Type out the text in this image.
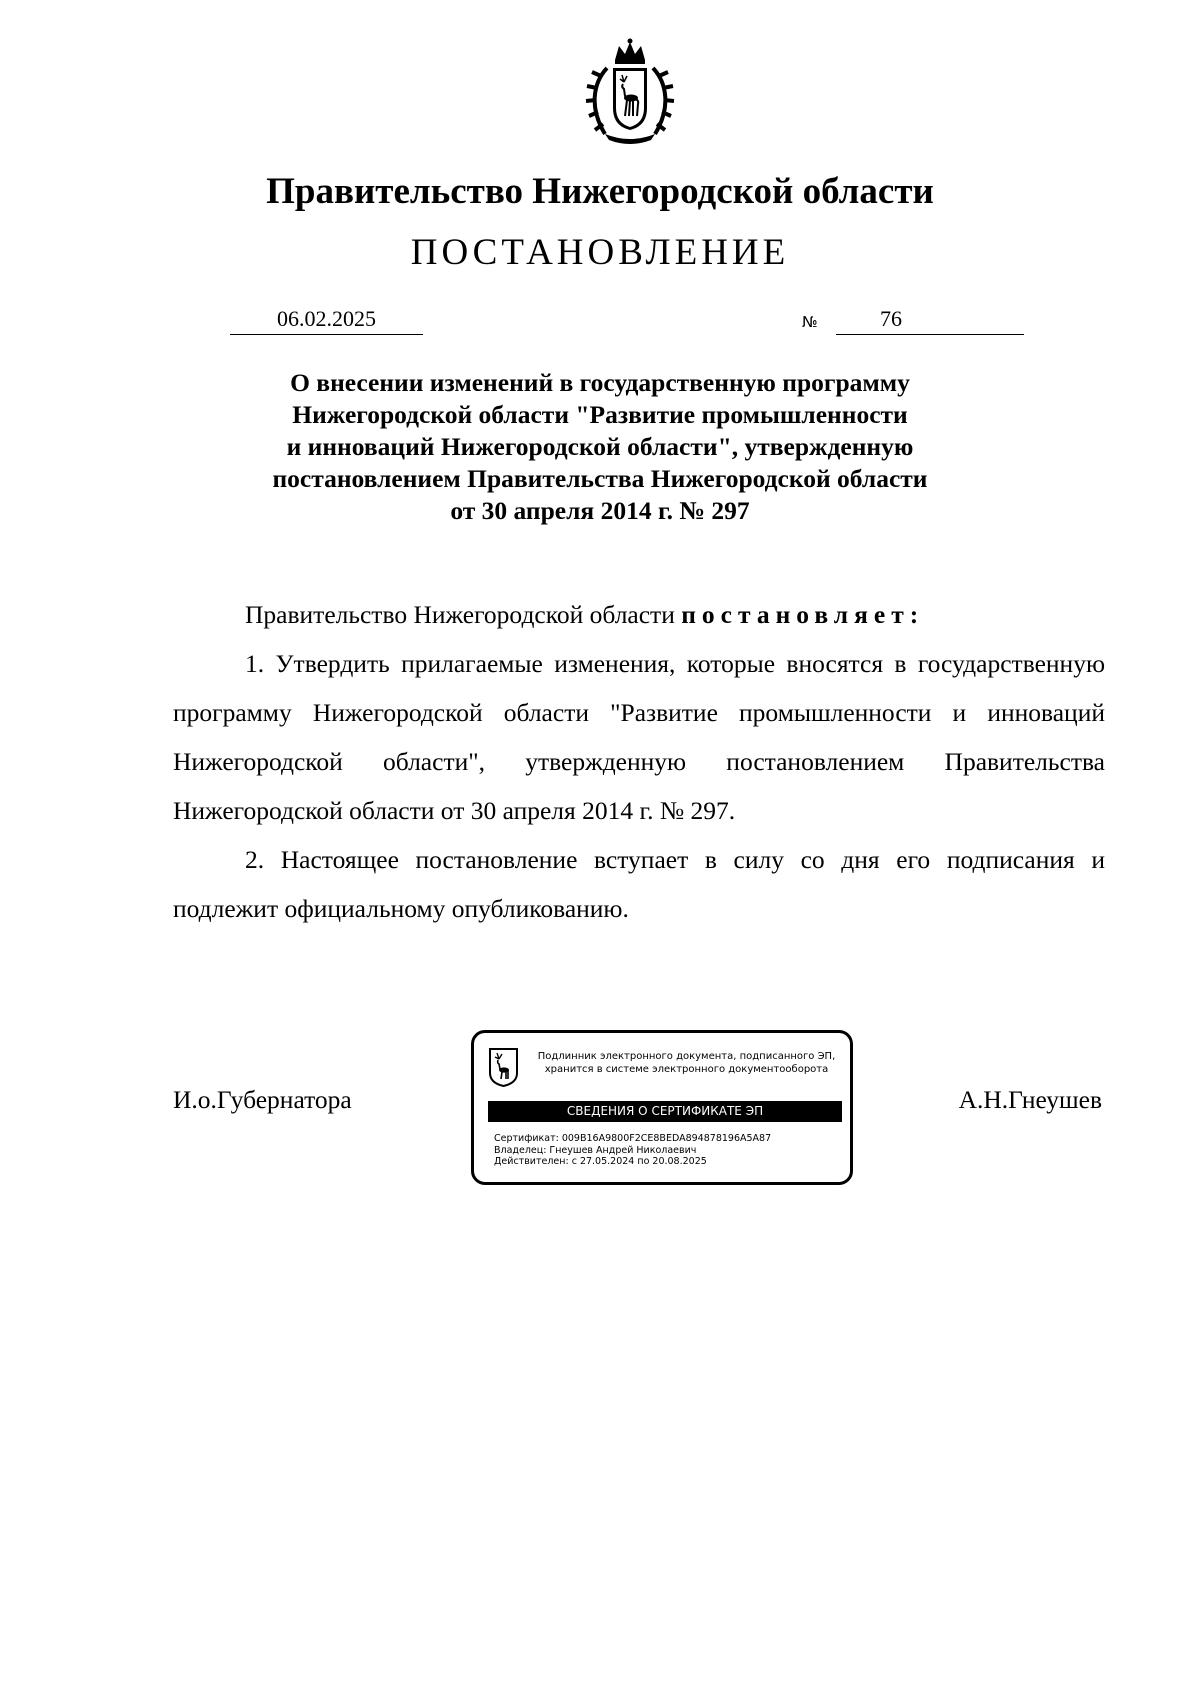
Правительство Нижегородской области
ПОСТАНОВЛЕНИЕ
06.02.2025	№	76
О внесении изменений в государственную программу
Нижегородской области "Развитие промышленности
и инноваций Нижегородской области", утвержденную
постановлением Правительства Нижегородской области
от 30 апреля 2014 г. № 297

Правительство Нижегородской области постановляет:

1. Утвердить прилагаемые изменения, которые вносятся в государственную программу Нижегородской области "Развитие промышленности и инноваций Нижегородской области", утвержденную постановлением Правительства Нижегородской области от 30 апреля 2014 г. № 297.

2. Настоящее постановление вступает в силу со дня его подписания и подлежит официальному опубликованию.

И.о.Губернатора	А.Н.Гнеушев
Подлинник электронного документа, подписанного ЭП,
хранится в системе электронного документооборота
СВЕДЕНИЯ О СЕРТИФИКАТЕ ЭП
Сертификат: 009B16A9800F2CE8BEDA894878196A5A87
Владелец: Гнеушев Андрей Николаевич
Действителен: с 27.05.2024 по 20.08.2025
